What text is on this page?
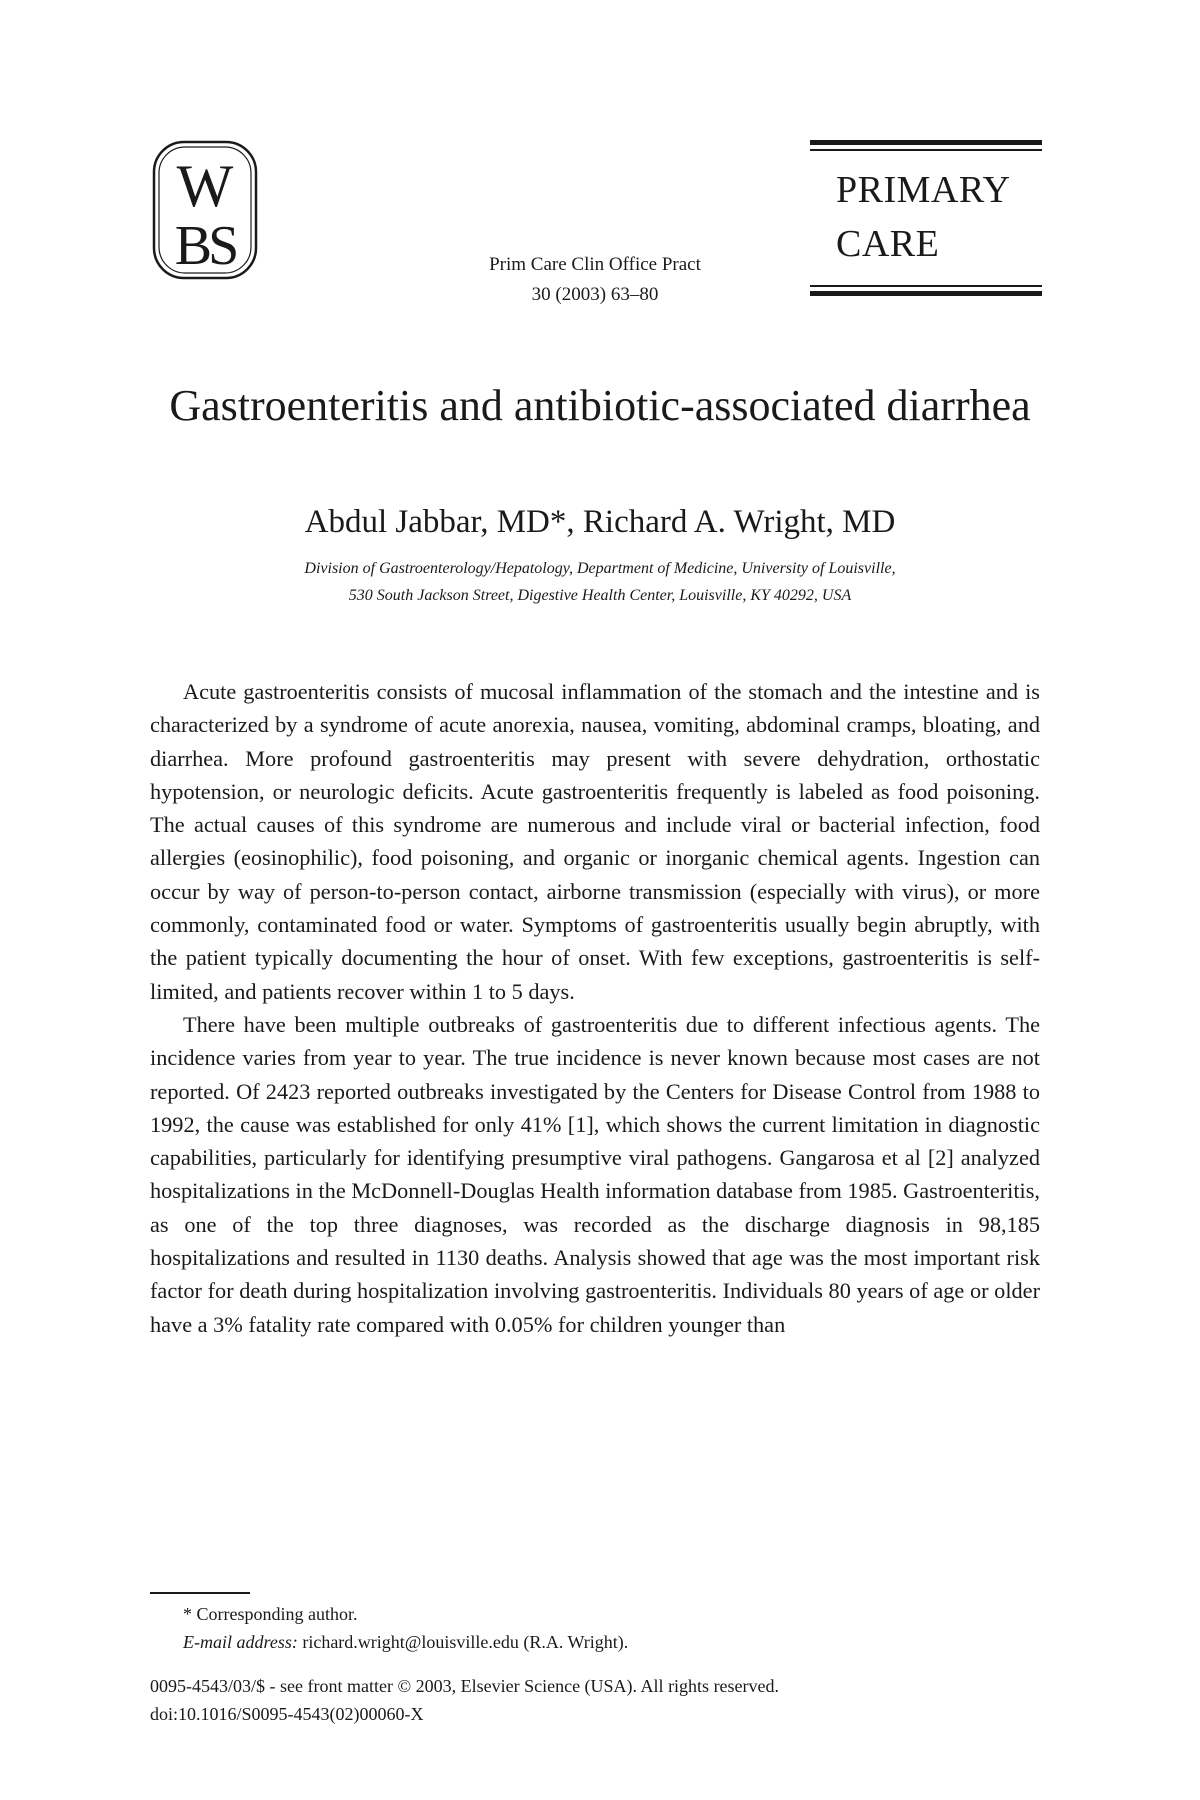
W
BS	Prim Care Clin Office Pract
30 (2003) 63–80
PRIMARY
CARE
Gastroenteritis and antibiotic-associated diarrhea
Abdul Jabbar, MD*, Richard A. Wright, MD
Division of Gastroenterology/Hepatology, Department of Medicine, University of Louisville,
530 South Jackson Street, Digestive Health Center, Louisville, KY 40292, USA

Acute gastroenteritis consists of mucosal inflammation of the stomach and the intestine and is characterized by a syndrome of acute anorexia, nausea, vomiting, abdominal cramps, bloating, and diarrhea. More profound gastroenteritis may present with severe dehydration, orthostatic hypotension, or neurologic deficits. Acute gastroenteritis frequently is labeled as food poisoning. The actual causes of this syndrome are numerous and include viral or bacterial infection, food allergies (eosinophilic), food poisoning, and organic or inorganic chemical agents. Ingestion can occur by way of person-to-person contact, airborne transmission (especially with virus), or more commonly, contaminated food or water. Symptoms of gastroenteritis usually begin abruptly, with the patient typically documenting the hour of onset. With few exceptions, gastroenteritis is self-limited, and patients recover within 1 to 5 days.

There have been multiple outbreaks of gastroenteritis due to different infectious agents. The incidence varies from year to year. The true incidence is never known because most cases are not reported. Of 2423 reported outbreaks investigated by the Centers for Disease Control from 1988 to 1992, the cause was established for only 41% [1], which shows the current limitation in diagnostic capabilities, particularly for identifying presumptive viral pathogens. Gangarosa et al [2] analyzed hospitalizations in the McDonnell-Douglas Health information database from 1985. Gastroenteritis, as one of the top three diagnoses, was recorded as the discharge diagnosis in 98,185 hospitalizations and resulted in 1130 deaths. Analysis showed that age was the most important risk factor for death during hospitalization involving gastroenteritis. Individuals 80 years of age or older have a 3% fatality rate compared with 0.05% for children younger than

* Corresponding author.
E-mail address: richard.wright@louisville.edu (R.A. Wright).
0095-4543/03/$ - see front matter © 2003, Elsevier Science (USA). All rights reserved.
doi:10.1016/S0095-4543(02)00060-X
